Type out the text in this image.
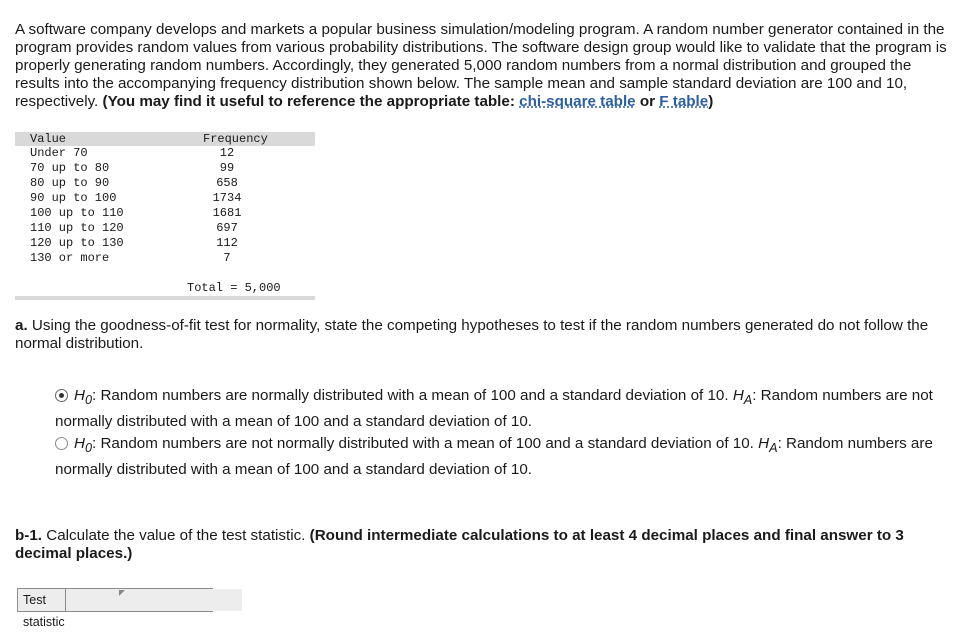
A software company develops and markets a popular business simulation/modeling program. A random number generator contained in the program provides random values from various probability distributions. The software design group would like to validate that the program is properly generating random numbers. Accordingly, they generated 5,000 random numbers from a normal distribution and grouped the results into the accompanying frequency distribution shown below. The sample mean and sample standard deviation are 100 and 10, respectively. (You may find it useful to reference the appropriate table: chi-square table or F table)

Value	Frequency
Under 70	12
70 up to 80	99
80 up to 90	658
90 up to 100	1734
100 up to 110	1681
110 up to 120	697
120 up to 130	112
130 or more	7
Total = 5,000

a. Using the goodness-of-fit test for normality, state the competing hypotheses to test if the random numbers generated do not follow the normal distribution.

$H_0$: Random numbers are normally distributed with a mean of 100 and a standard deviation of 10. $H_A$: Random numbers are not normally distributed with a mean of 100 and a standard deviation of 10.
$H_0$: Random numbers are not normally distributed with a mean of 100 and a standard deviation of 10. $H_A$: Random numbers are normally distributed with a mean of 100 and a standard deviation of 10.

b-1. Calculate the value of the test statistic. (Round intermediate calculations to at least 4 decimal places and final answer to 3 decimal places.)

Test statistic
